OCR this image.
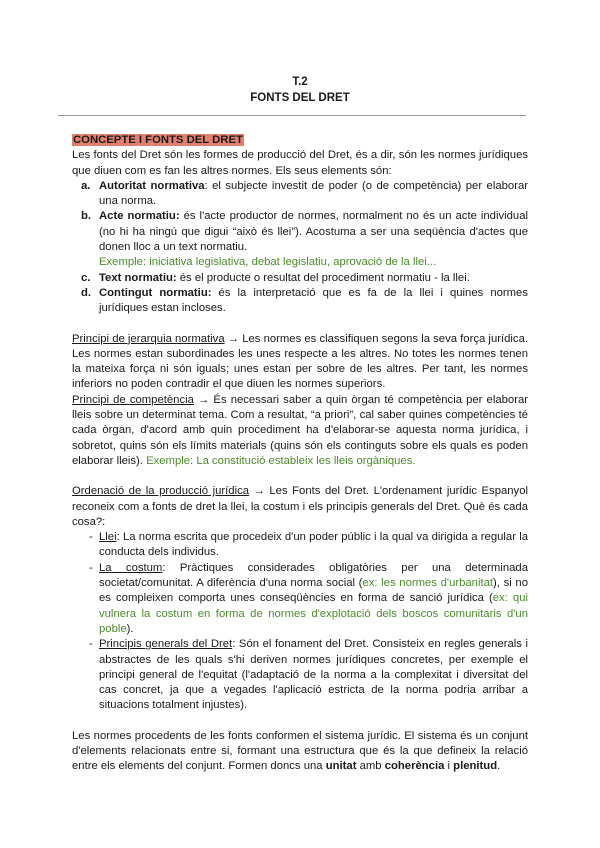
T.2
FONTS DEL DRET
CONCEPTE I FONTS DEL DRET

Les fonts del Dret són les formes de producció del Dret, és a dir, són les normes jurídiques que diuen com es fan les altres normes. Els seus elements són:

a. Autoritat normativa: el subjecte investit de poder (o de competència) per elaborar una norma.
b. Acte normatiu: és l'acte productor de normes, normalment no és un acte individual (no hi ha ningú que digui “això és llei”). Acostuma a ser una seqüència d'actes que donen lloc a un text normatiu.
Exemple: iniciativa legislativa, debat legislatiu, aprovació de la llei...
c. Text normatiu: és el producte o resultat del procediment normatiu - la llei.
d. Contingut normatiu: és la interpretació que es fa de la llei i quines normes jurídiques estan incloses.

Principi de jerarquia normativa → Les normes es classifiquen segons la seva força jurídica. Les normes estan subordinades les unes respecte a les altres. No totes les normes tenen la mateixa força ni són iguals; unes estan per sobre de les altres. Per tant, les normes inferiors no poden contradir el que diuen les normes superiors.

Principi de competència → És necessari saber a quin òrgan té competència per elaborar lleis sobre un determinat tema. Com a resultat, “a priori”, cal saber quines competències té cada òrgan, d'acord amb quin procediment ha d'elaborar-se aquesta norma jurídica, i sobretot, quins són els límits materials (quins són els continguts sobre els quals es poden elaborar lleis). Exemple: La constitució estableix les lleis orgàniques.

Ordenació de la producció jurídica → Les Fonts del Dret. L'ordenament jurídic Espanyol reconeix com a fonts de dret la llei, la costum i els principis generals del Dret. Què és cada cosa?:

- Llei: La norma escrita que procedeix d'un poder públic i la qual va dirigida a regular la conducta dels individus.
- La costum: Pràctiques considerades obligatòries per una determinada societat/comunitat. A diferència d'una norma social (ex: les normes d'urbanitat), si no es compleixen comporta unes conseqüències en forma de sanció jurídica (ex: qui vulnera la costum en forma de normes d'explotació dels boscos comunitaris d'un poble).
- Principis generals del Dret: Són el fonament del Dret. Consisteix en regles generals i abstractes de les quals s'hi deriven normes jurídiques concretes, per exemple el principi general de l'equitat (l'adaptació de la norma a la complexitat i diversitat del cas concret, ja que a vegades l'aplicació estricta de la norma podria arribar a situacions totalment injustes).

Les normes procedents de les fonts conformen el sistema jurídic. El sistema és un conjunt d'elements relacionats entre si, formant una estructura que és la que defineix la relació entre els elements del conjunt. Formen doncs una unitat amb coherència i plenitud.
